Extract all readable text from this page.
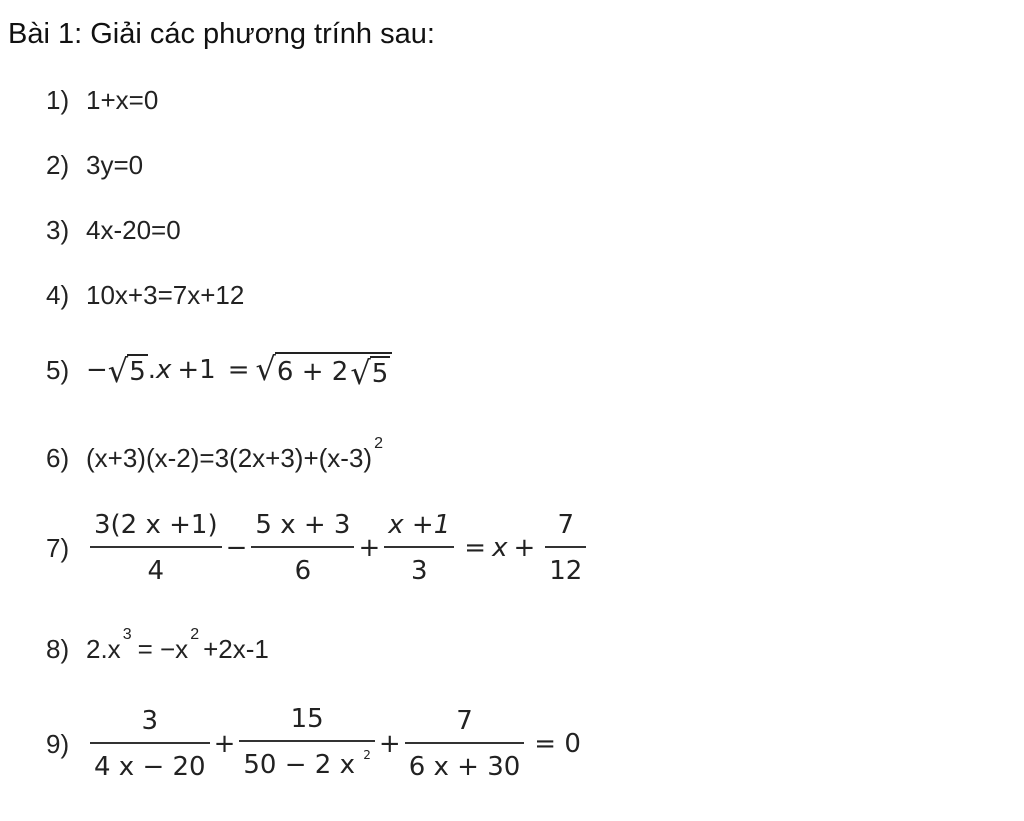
Bài 1: Giải các phương trính sau:
1) 1+x=0
2) 3y=0
3) 4x-20=0
4) 10x+3=7x+12
5) − √ 5 . x +1 = √ 6 + 2 √ 5
6) (x+3)(x-2)=3(2x+3)+(x-3) 2
$7) \frac{3(2 x +1)}{4} - \frac{5 x + 3}{6} + \frac{x +1}{3} = x + \frac{7}{12}$
8) 2.x 3 = −x 2 +2x-1
$9) \frac{3}{4 x - 20} + \frac{15}{50 - 2 x ^2} + \frac{7}{6 x + 30} = 0$
